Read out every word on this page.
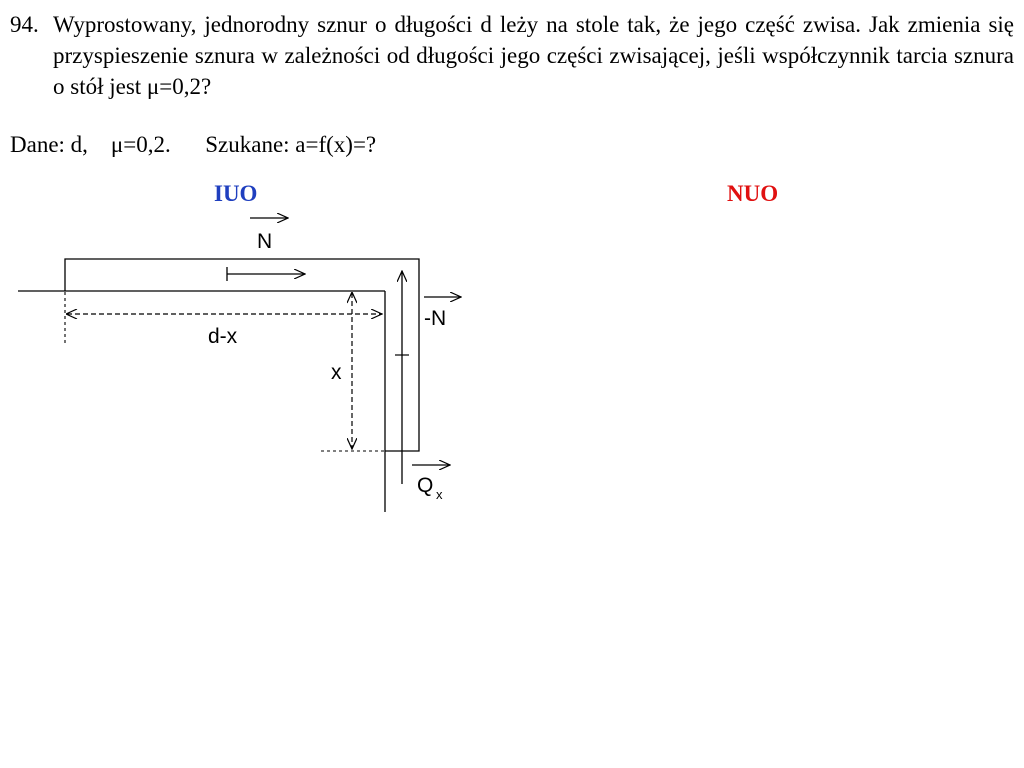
94. Wyprostowany, jednorodny sznur o długości d leży na stole tak, że jego część zwisa. Jak zmienia się przyspieszenie sznura w zależności od długości jego części zwisającej, jeśli współczynnik tarcia sznura o stół jest μ=0,2?
Dane: d, μ=0,2. Szukane: a=f(x)=?
IUO	NUO
N
-N
d-x
x
Q x
